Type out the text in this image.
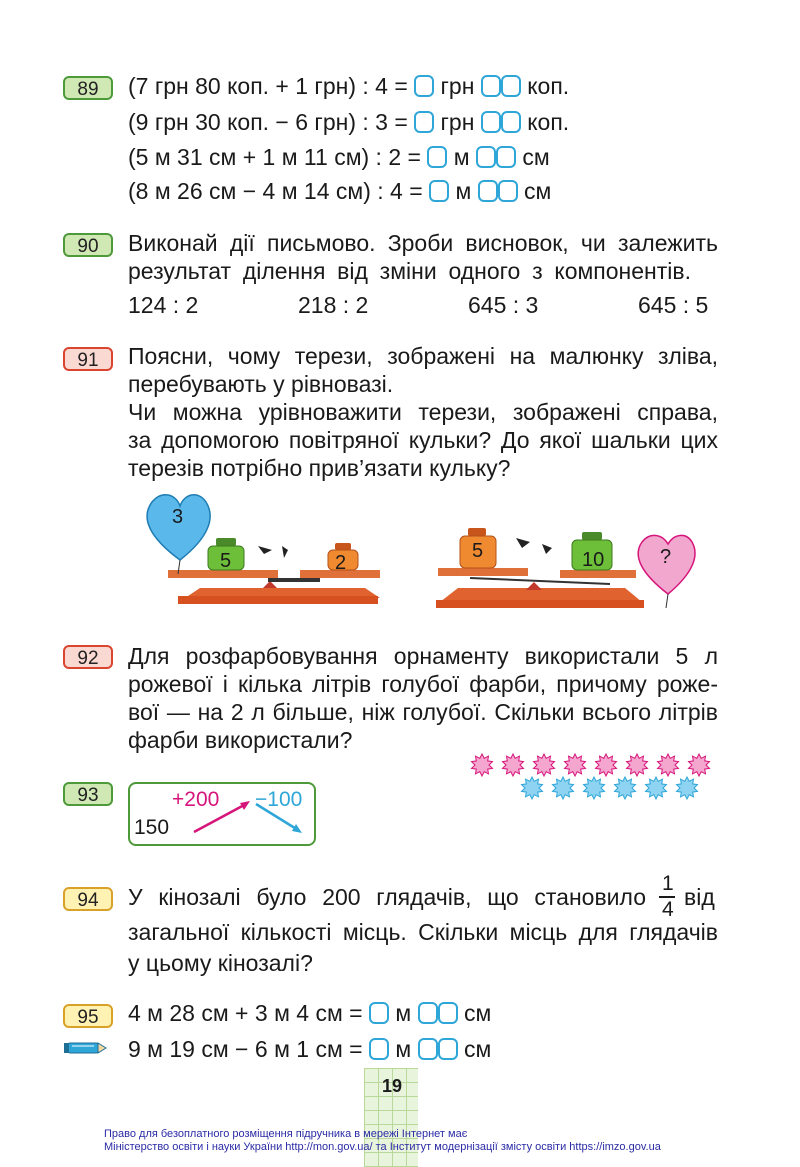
89	(7 грн 80 коп. + 1 грн) : 4 = грн коп.
(9 грн 30 коп. − 6 грн) : 3 = грн коп.
(5 м 31 см + 1 м 11 см) : 2 = м см
(8 м 26 см − 4 м 14 см) : 4 = м см
90	Виконай дії письмово. Зроби висновок, чи залежить
результат ділення від зміни одного з компонентів.
124 : 2	218 : 2	645 : 3	645 : 5
91	Поясни, чому терези, зображені на малюнку зліва,
перебувають у рівновазі.
Чи можна урівноважити терези, зображені справа,
за допомогою повітряної кульки? До якої шальки цих
терезів потрібно прив’язати кульку?
3
5	2
5	10	?
92	Для розфарбовування орнаменту використали 5 л
рожевої і кілька літрів голубої фарби, причому роже-
вої — на 2 л більше, ніж голубої. Скільки всього літрів
фарби використали?
93
150
+200 −100
94	У кінозалі було 200 глядачів, що становило
1
4 від
загальної кількості місць. Скільки місць для глядачів
у цьому кінозалі?
95	4 м 28 см + 3 м 4 см = м см
9 м 19 см − 6 м 1 см = м см
19
Право для безоплатного розміщення підручника в мережі Інтернет має
Міністерство освіти і науки України http://mon.gov.ua/ та Інститут модернізації змісту освіти https://imzo.gov.ua
